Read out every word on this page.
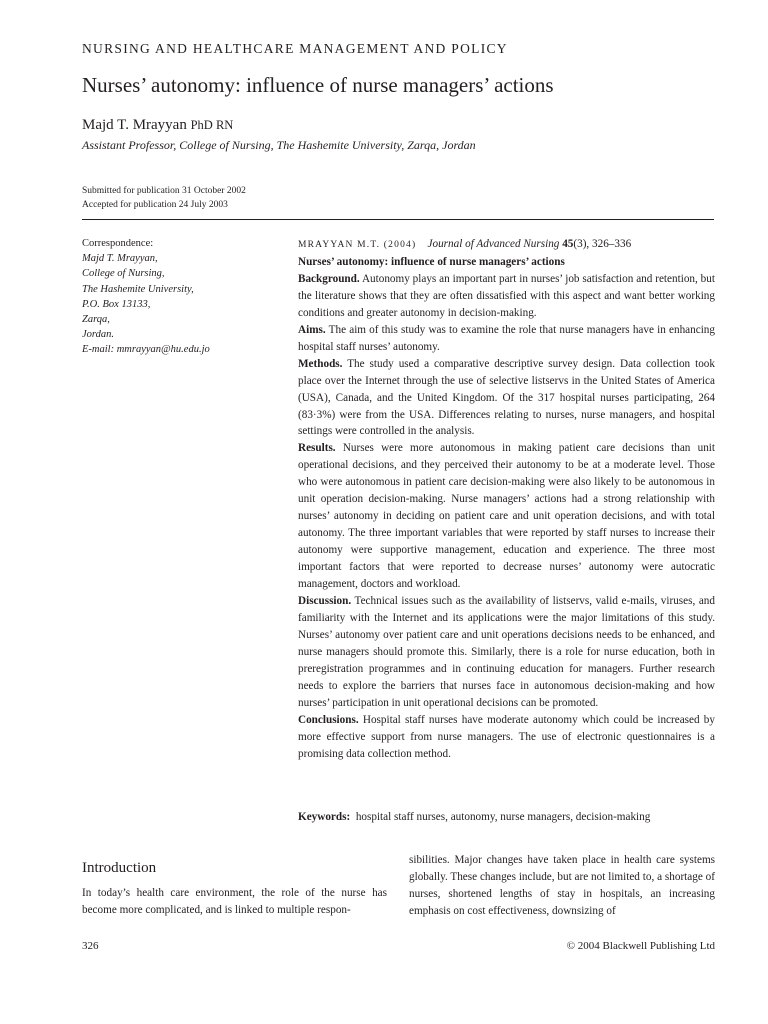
NURSING AND HEALTHCARE MANAGEMENT AND POLICY
Nurses’ autonomy: influence of nurse managers’ actions
Majd T. Mrayyan PhD RN
Assistant Professor, College of Nursing, The Hashemite University, Zarqa, Jordan
Submitted for publication 31 October 2002
Accepted for publication 24 July 2003
Correspondence:
Majd T. Mrayyan,
College of Nursing,
The Hashemite University,
P.O. Box 13133,
Zarqa,
Jordan.
E-mail: mmrayyan@hu.edu.jo

MRAYYAN M.T. (2004) Journal of Advanced Nursing 45(3), 326–336

Nurses’ autonomy: influence of nurse managers’ actions

Background. Autonomy plays an important part in nurses’ job satisfaction and retention, but the literature shows that they are often dissatisfied with this aspect and want better working conditions and greater autonomy in decision-making.

Aims. The aim of this study was to examine the role that nurse managers have in enhancing hospital staff nurses’ autonomy.

Methods. The study used a comparative descriptive survey design. Data collection took place over the Internet through the use of selective listservs in the United States of America (USA), Canada, and the United Kingdom. Of the 317 hospital nurses participating, 264 (83·3%) were from the USA. Differences relating to nurses, nurse managers, and hospital settings were controlled in the analysis.

Results. Nurses were more autonomous in making patient care decisions than unit operational decisions, and they perceived their autonomy to be at a moderate level. Those who were autonomous in patient care decision-making were also likely to be autonomous in unit operation decision-making. Nurse managers’ actions had a strong relationship with nurses’ autonomy in deciding on patient care and unit operation decisions, and with total autonomy. The three important variables that were reported by staff nurses to increase their autonomy were supportive management, education and experience. The three most important factors that were reported to decrease nurses’ autonomy were autocratic management, doctors and workload.

Discussion. Technical issues such as the availability of listservs, valid e-mails, viruses, and familiarity with the Internet and its applications were the major limitations of this study. Nurses’ autonomy over patient care and unit operations decisions needs to be enhanced, and nurse managers should promote this. Similarly, there is a role for nurse education, both in preregistration programmes and in continuing education for managers. Further research needs to explore the barriers that nurses face in autonomous decision-making and how nurses’ participation in unit operational decisions can be promoted.

Conclusions. Hospital staff nurses have moderate autonomy which could be increased by more effective support from nurse managers. The use of electronic questionnaires is a promising data collection method.

Keywords: hospital staff nurses, autonomy, nurse managers, decision-making
Introduction

In today’s health care environment, the role of the nurse has become more complicated, and is linked to multiple respon-

sibilities. Major changes have taken place in health care systems globally. These changes include, but are not limited to, a shortage of nurses, shortened lengths of stay in hospitals, an increasing emphasis on cost effectiveness, downsizing of

326	© 2004 Blackwell Publishing Ltd
